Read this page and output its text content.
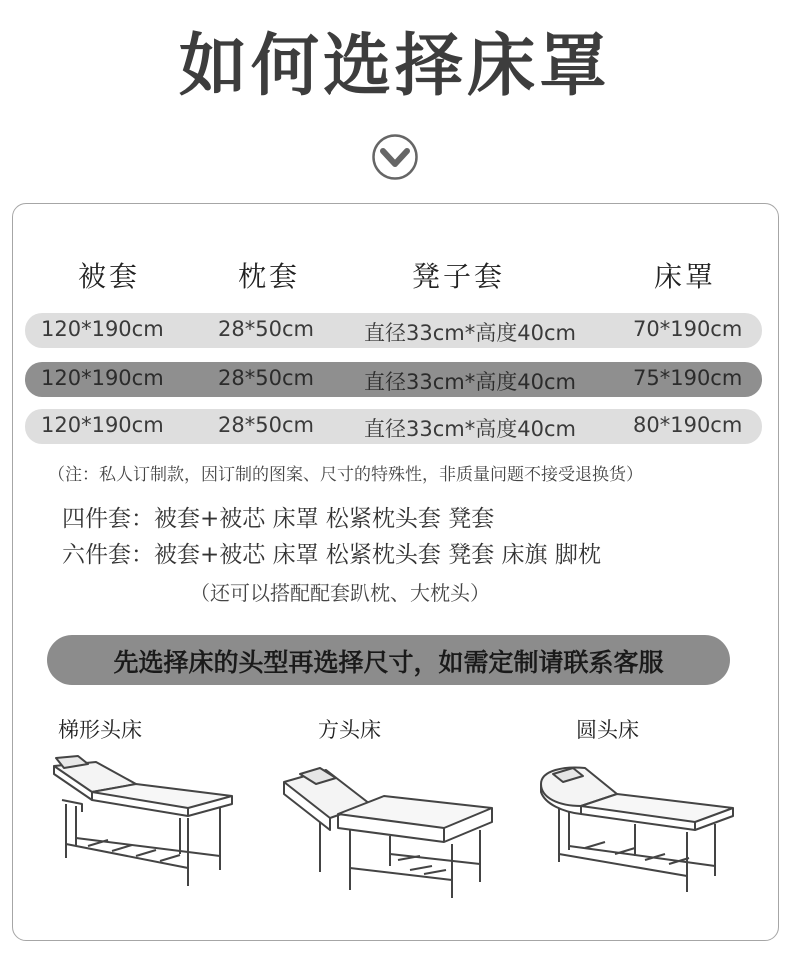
如何选择床罩
被套	枕套	凳子套	床罩
120*190cm	28*50cm 直径33cm*高度40cm	70*190cm
120*190cm	28*50cm 直径33cm*高度40cm	75*190cm
120*190cm	28*50cm 直径33cm*高度40cm	80*190cm
（注：私人订制款，因订制的图案、尺寸的特殊性，非质量问题不接受退换货）
四件套：被套+被芯 床罩 松紧枕头套 凳套
六件套：被套+被芯 床罩 松紧枕头套 凳套 床旗 脚枕
（还可以搭配配套趴枕、大枕头）
先选择床的头型再选择尺寸，如需定制请联系客服
梯形头床	方头床	圆头床
